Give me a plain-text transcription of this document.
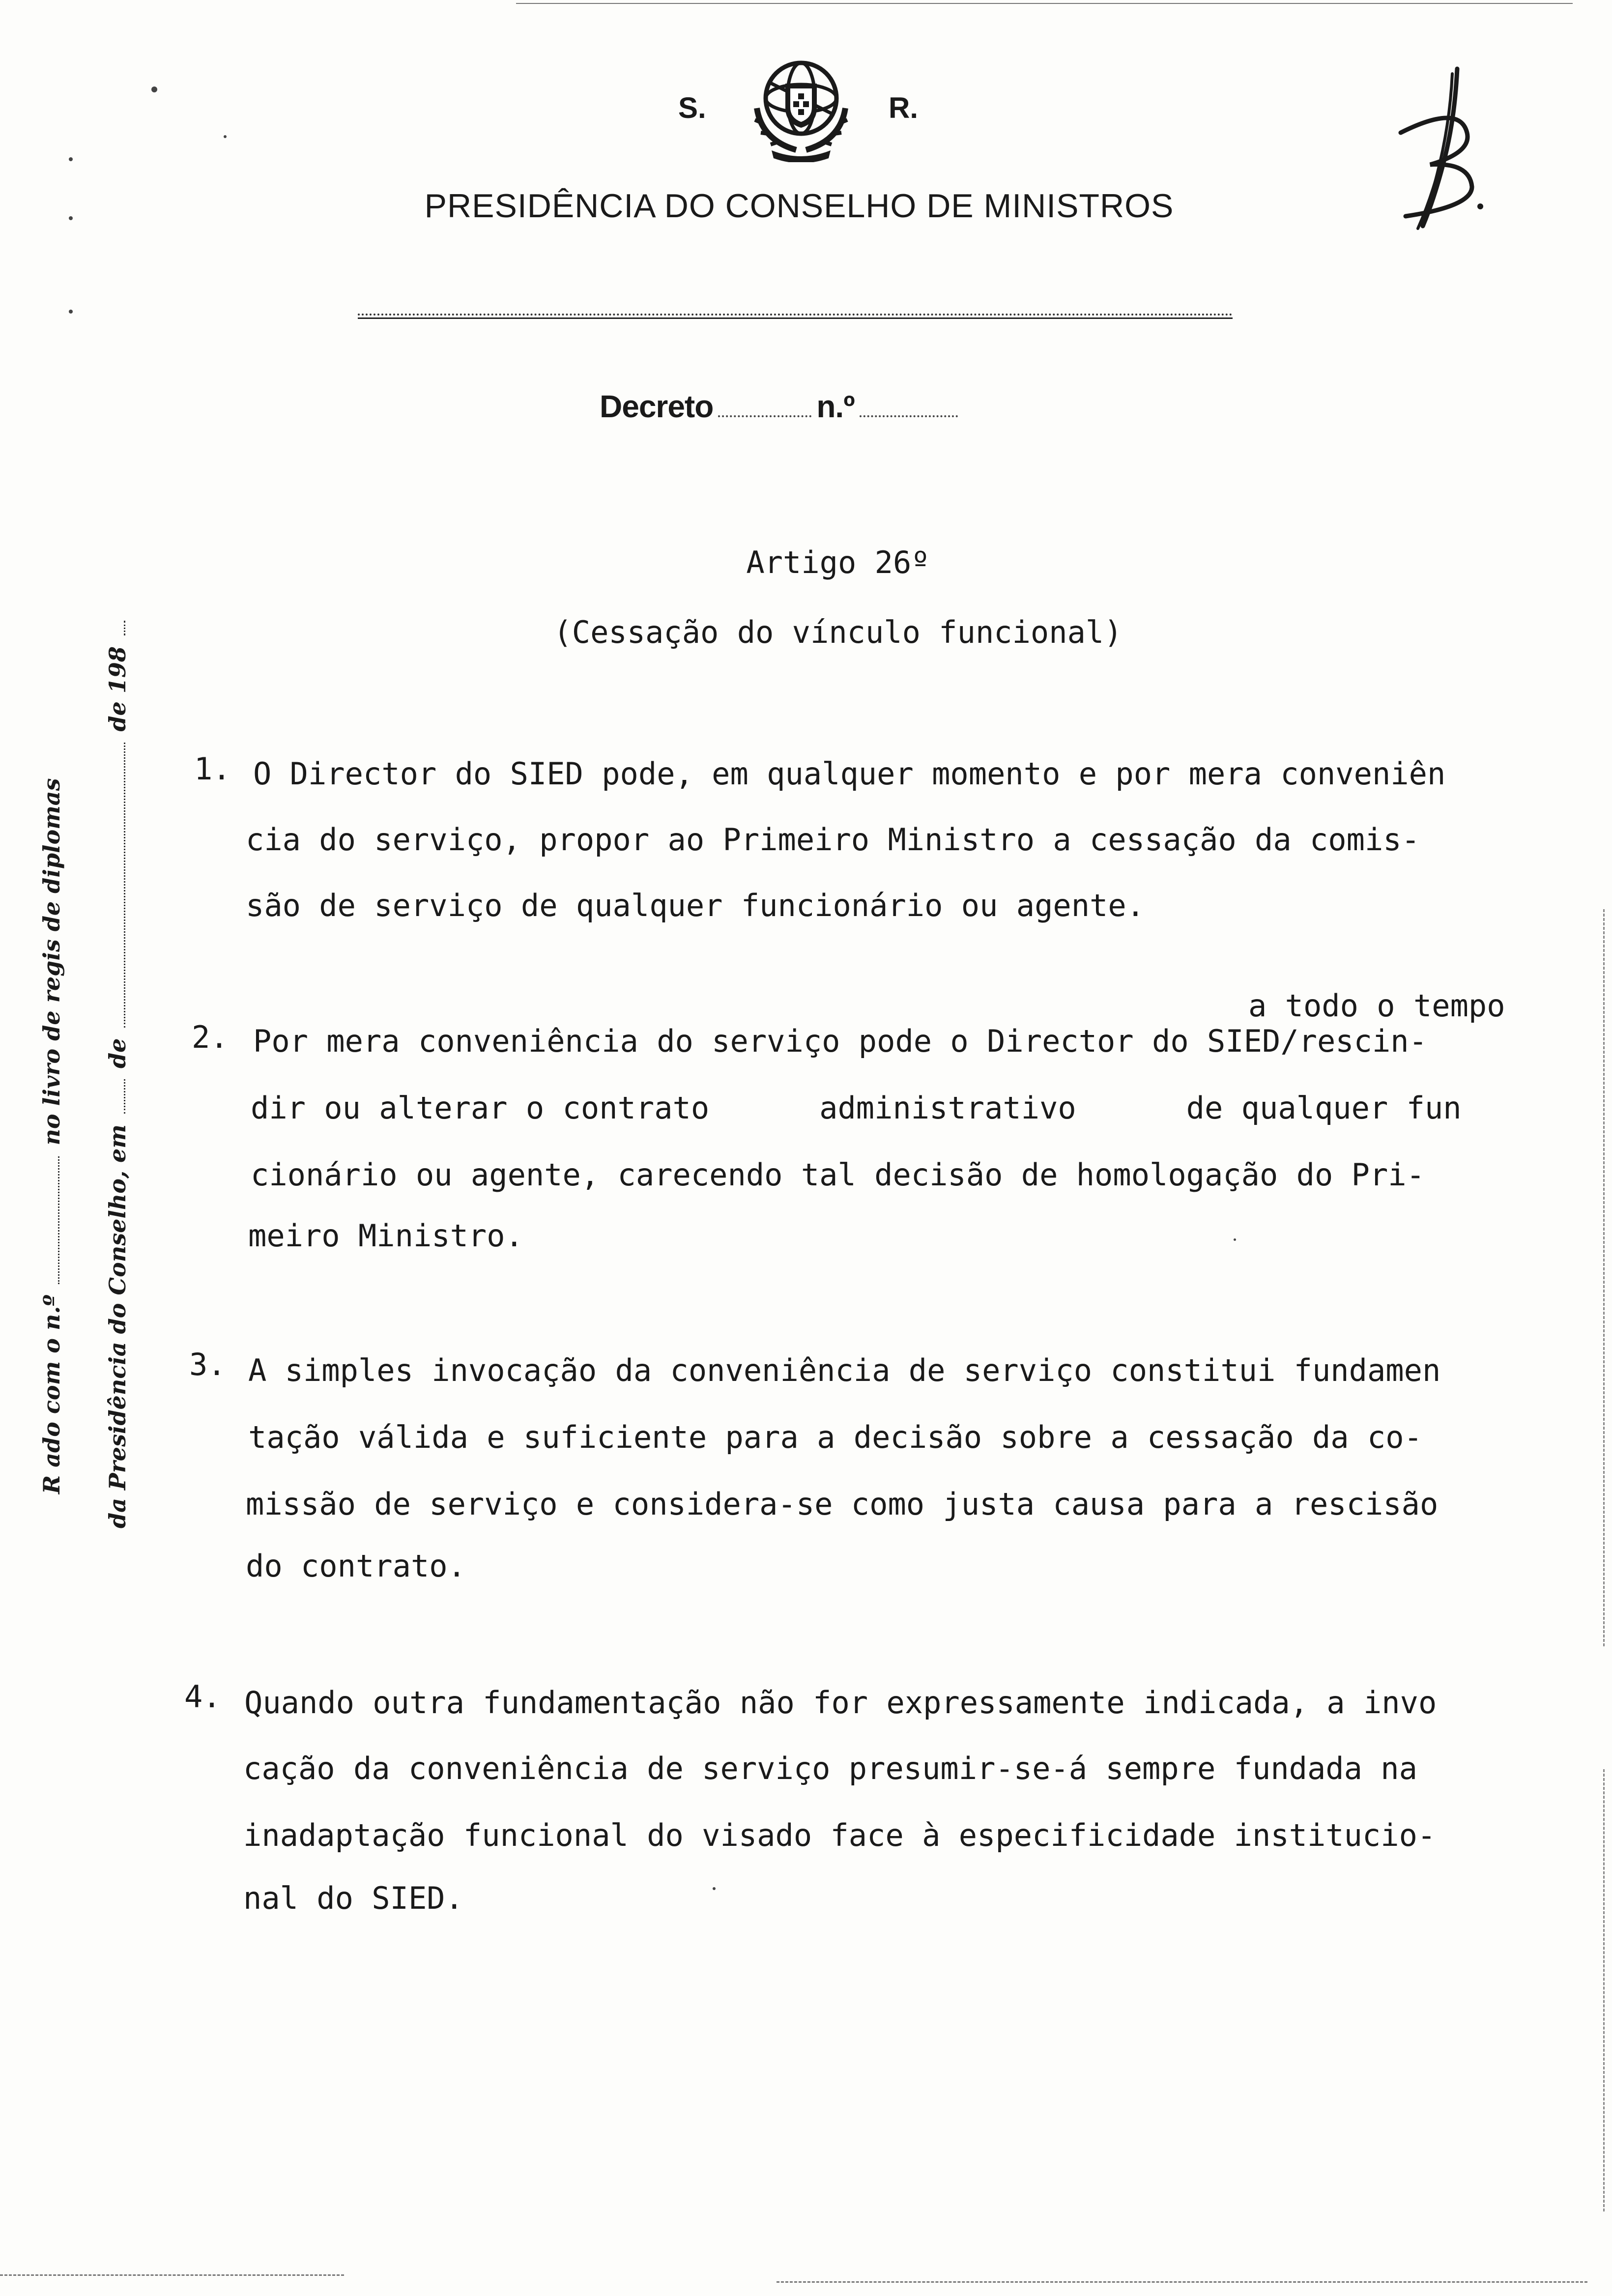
S.	R.
PRESIDÊNCIA DO CONSELHO DE MINISTROS
Decreto	n.º
Artigo 26º
(Cessação do vínculo funcional)
1. O Director do SIED pode, em qualquer momento e por mera conveniên
cia do serviço, propor ao Primeiro Ministro a cessação da comis-
são de serviço de qualquer funcionário ou agente.
a todo o tempo
2. Por mera conveniência do serviço pode o Director do SIED/rescin-
dir ou alterar o contrato      administrativo      de qualquer fun
cionário ou agente, carecendo tal decisão de homologação do Pri-
meiro Ministro.
3. A simples invocação da conveniência de serviço constitui fundamen
tação válida e suficiente para a decisão sobre a cessação da co-
missão de serviço e considera-se como justa causa para a rescisão
do contrato.
4. Quando outra fundamentação não for expressamente indicada, a invo
cação da conveniência de serviço presumir-se-á sempre fundada na
inadaptação funcional do visado face à especificidade institucio-
nal do SIED.
R ado com o n.º  no livro de regis de diplomas
da Presidência do Conselho, em  de  de 198
